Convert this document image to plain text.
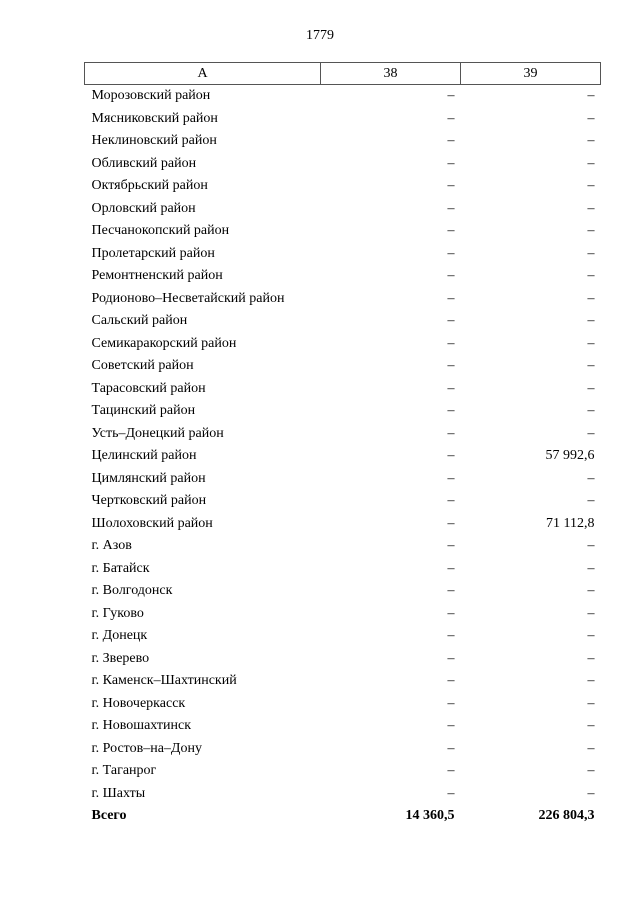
1779
А	38	39
Морозовский район	–	–
Мясниковский район	–	–
Неклиновский район	–	–
Обливский район	–	–
Октябрьский район	–	–
Орловский район	–	–
Песчанокопский район	–	–
Пролетарский район	–	–
Ремонтненский район	–	–
Родионово–Несветайский район	–	–
Сальский район	–	–
Семикаракорский район	–	–
Советский район	–	–
Тарасовский район	–	–
Тацинский район	–	–
Усть–Донецкий район	–	–
Целинский район	–	57 992,6
Цимлянский район	–	–
Чертковский район	–	–
Шолоховский район	–	71 112,8
г. Азов	–	–
г. Батайск	–	–
г. Волгодонск	–	–
г. Гуково	–	–
г. Донецк	–	–
г. Зверево	–	–
г. Каменск–Шахтинский	–	–
г. Новочеркасск	–	–
г. Новошахтинск	–	–
г. Ростов–на–Дону	–	–
г. Таганрог	–	–
г. Шахты	–	–
Всего	14 360,5	226 804,3
